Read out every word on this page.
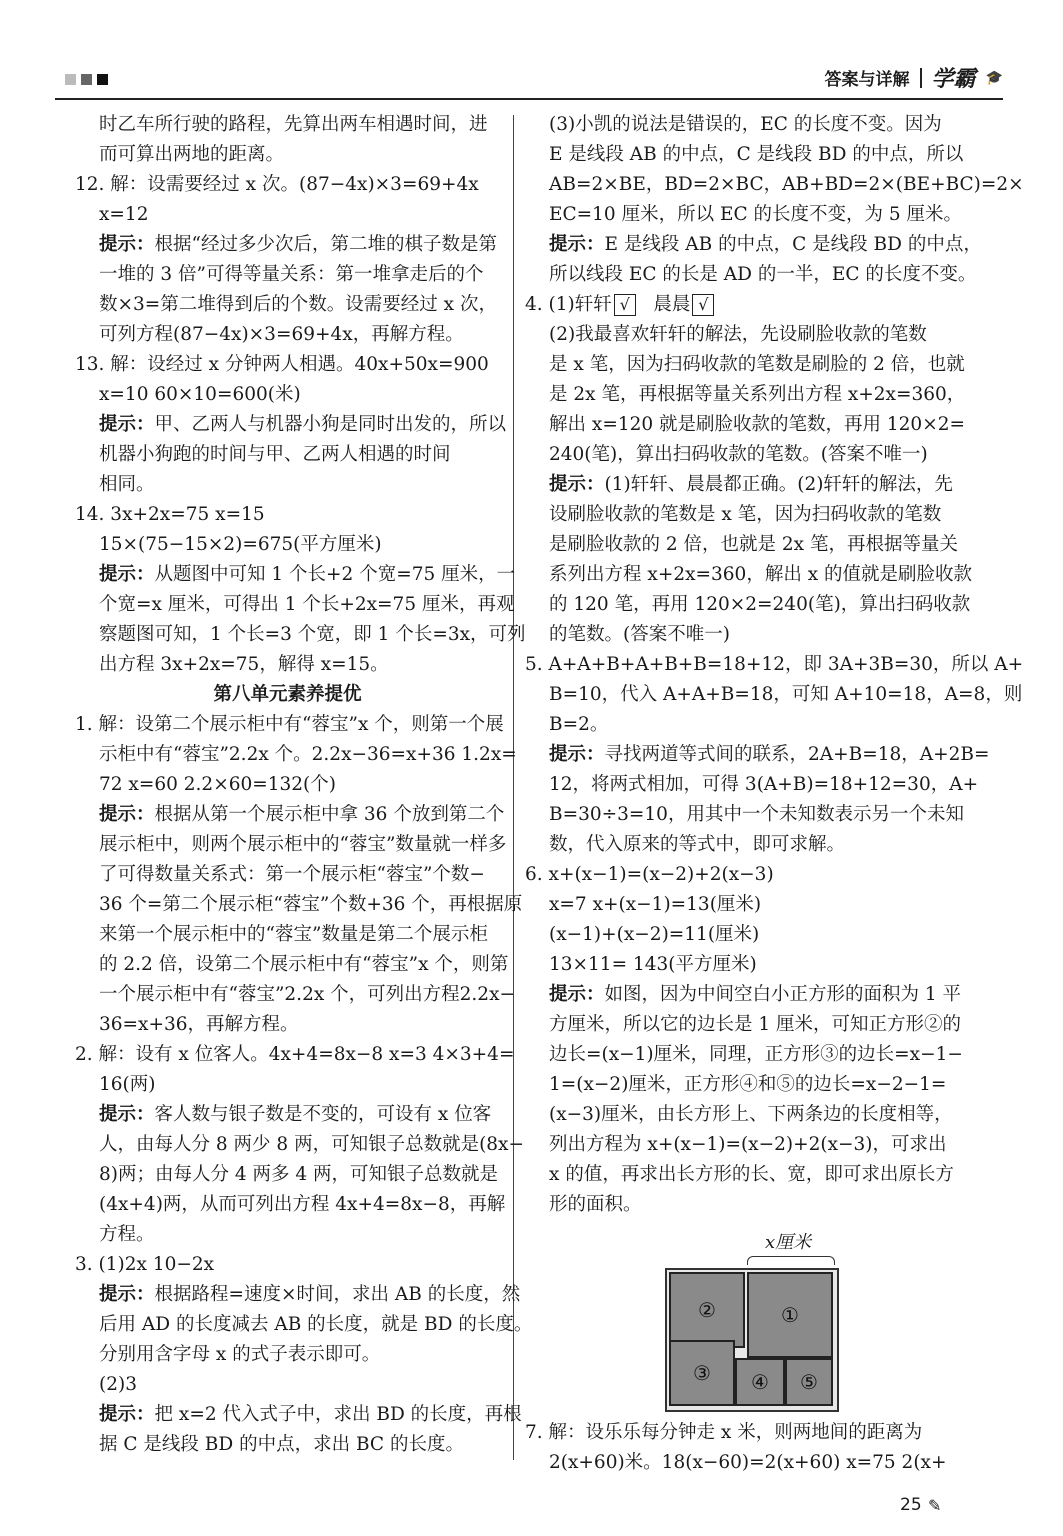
答案与详解 学霸 🎓
时乙车所行驶的路程，先算出两车相遇时间，进
而可算出两地的距离。
12. 解：设需要经过 x 次。(87−4x)×3=69+4x
x=12
提示：根据“经过多少次后，第二堆的棋子数是第
一堆的 3 倍”可得等量关系：第一堆拿走后的个
数×3=第二堆得到后的个数。设需要经过 x 次，
可列方程(87−4x)×3=69+4x，再解方程。
13. 解：设经过 x 分钟两人相遇。40x+50x=900
x=10 60×10=600(米)
提示：甲、乙两人与机器小狗是同时出发的，所以
机器小狗跑的时间与甲、乙两人相遇的时间
相同。
14. 3x+2x=75 x=15
15×(75−15×2)=675(平方厘米)
提示：从题图中可知 1 个长+2 个宽=75 厘米，一
个宽=x 厘米，可得出 1 个长+2x=75 厘米，再观
察题图可知，1 个长=3 个宽，即 1 个长=3x，可列
出方程 3x+2x=75，解得 x=15。
第八单元素养提优
1. 解：设第二个展示柜中有“蓉宝”x 个，则第一个展
示柜中有“蓉宝”2.2x 个。2.2x−36=x+36 1.2x=
72 x=60 2.2×60=132(个)
提示：根据从第一个展示柜中拿 36 个放到第二个
展示柜中，则两个展示柜中的“蓉宝”数量就一样多
了可得数量关系式：第一个展示柜“蓉宝”个数−
36 个=第二个展示柜“蓉宝”个数+36 个，再根据原
来第一个展示柜中的“蓉宝”数量是第二个展示柜
的 2.2 倍，设第二个展示柜中有“蓉宝”x 个，则第
一个展示柜中有“蓉宝”2.2x 个，可列出方程2.2x−
36=x+36，再解方程。
2. 解：设有 x 位客人。4x+4=8x−8 x=3 4×3+4=
16(两)
提示：客人数与银子数是不变的，可设有 x 位客
人，由每人分 8 两少 8 两，可知银子总数就是(8x−
8)两；由每人分 4 两多 4 两，可知银子总数就是
(4x+4)两，从而可列出方程 4x+4=8x−8，再解
方程。
3. (1)2x 10−2x
提示：根据路程=速度×时间，求出 AB 的长度，然
后用 AD 的长度减去 AB 的长度，就是 BD 的长度。
分别用含字母 x 的式子表示即可。
(2)3
提示：把 x=2 代入式子中，求出 BD 的长度，再根
据 C 是线段 BD 的中点，求出 BC 的长度。
(3)小凯的说法是错误的，EC 的长度不变。因为
E 是线段 AB 的中点，C 是线段 BD 的中点，所以
AB=2×BE，BD=2×BC，AB+BD=2×(BE+BC)=2×
EC=10 厘米，所以 EC 的长度不变，为 5 厘米。
提示：E 是线段 AB 的中点，C 是线段 BD 的中点，
所以线段 EC 的长是 AD 的一半，EC 的长度不变。
4. (1)轩轩 √   晨晨 √
(2)我最喜欢轩轩的解法，先设刷脸收款的笔数
是 x 笔，因为扫码收款的笔数是刷脸的 2 倍，也就
是 2x 笔，再根据等量关系列出方程 x+2x=360，
解出 x=120 就是刷脸收款的笔数，再用 120×2=
240(笔)，算出扫码收款的笔数。(答案不唯一)
提示：(1)轩轩、晨晨都正确。(2)轩轩的解法，先
设刷脸收款的笔数是 x 笔，因为扫码收款的笔数
是刷脸收款的 2 倍，也就是 2x 笔，再根据等量关
系列出方程 x+2x=360，解出 x 的值就是刷脸收款
的 120 笔，再用 120×2=240(笔)，算出扫码收款
的笔数。(答案不唯一)
5. A+A+B+A+B+B=18+12，即 3A+3B=30，所以 A+
B=10，代入 A+A+B=18，可知 A+10=18，A=8，则
B=2。
提示：寻找两道等式间的联系，2A+B=18，A+2B=
12，将两式相加，可得 3(A+B)=18+12=30，A+
B=30÷3=10，用其中一个未知数表示另一个未知
数，代入原来的等式中，即可求解。
6. x+(x−1)=(x−2)+2(x−3)
x=7 x+(x−1)=13(厘米)
(x−1)+(x−2)=11(厘米)
13×11= 143(平方厘米)
提示：如图，因为中间空白小正方形的面积为 1 平
方厘米，所以它的边长是 1 厘米，可知正方形②的
边长=(x−1)厘米，同理，正方形③的边长=x−1−
1=(x−2)厘米，正方形④和⑤的边长=x−2−1=
(x−3)厘米，由长方形上、下两条边的长度相等，
列出方程为 x+(x−1)=(x−2)+2(x−3)，可求出
x 的值，再求出长方形的长、宽，即可求出原长方
形的面积。
x厘米
②	①
③	④	⑤
7. 解：设乐乐每分钟走 x 米，则两地间的距离为
2(x+60)米。18(x−60)=2(x+60) x=75 2(x+
25 ✎
